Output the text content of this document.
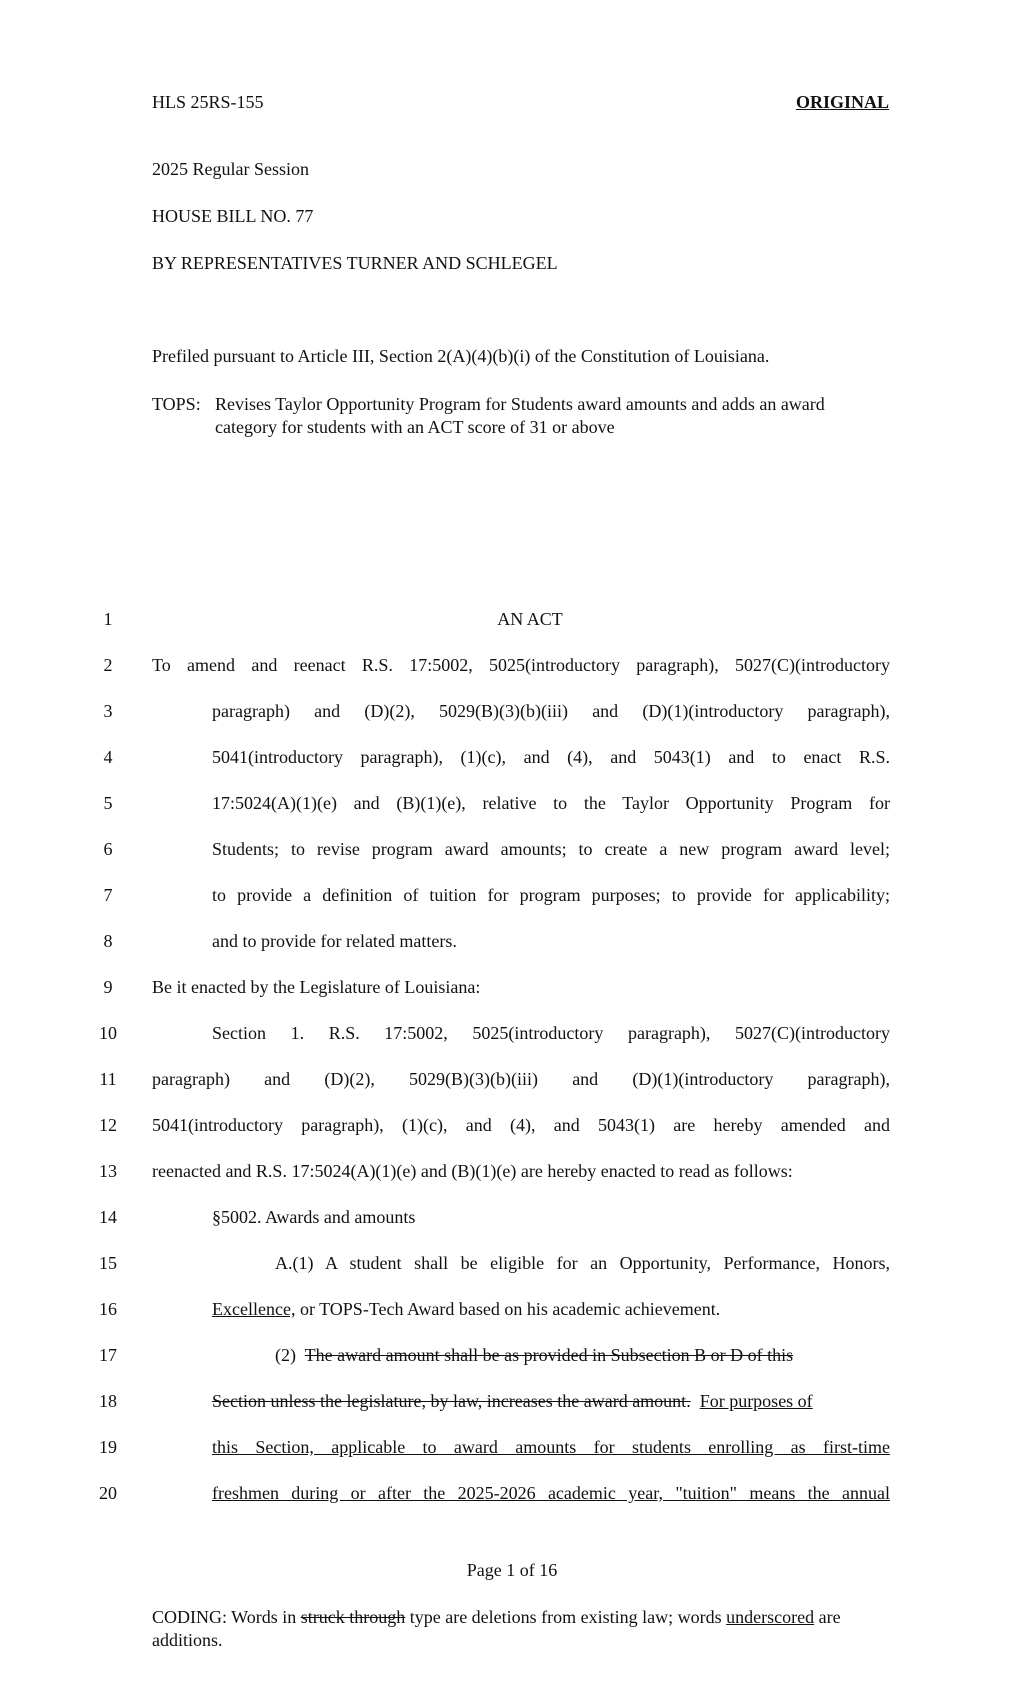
HLS 25RS-155	ORIGINAL
2025 Regular Session
HOUSE BILL NO. 77
BY REPRESENTATIVES TURNER AND SCHLEGEL
Prefiled pursuant to Article III, Section 2(A)(4)(b)(i) of the Constitution of Louisiana.
TOPS: Revises Taylor Opportunity Program for Students award amounts and adds an award
category for students with an ACT score of 31 or above
1	AN ACT
2	To amend and reenact R.S. 17:5002, 5025(introductory paragraph), 5027(C)(introductory
3	paragraph) and (D)(2), 5029(B)(3)(b)(iii) and (D)(1)(introductory paragraph),
4	5041(introductory paragraph), (1)(c), and (4), and 5043(1) and to enact R.S.
5	17:5024(A)(1)(e) and (B)(1)(e), relative to the Taylor Opportunity Program for
6	Students; to revise program award amounts; to create a new program award level;
7	to provide a definition of tuition for program purposes; to provide for applicability;
8	and to provide for related matters.
9	Be it enacted by the Legislature of Louisiana:
10	Section 1. R.S. 17:5002, 5025(introductory paragraph), 5027(C)(introductory
11	paragraph) and (D)(2), 5029(B)(3)(b)(iii) and (D)(1)(introductory paragraph),
12	5041(introductory paragraph), (1)(c), and (4), and 5043(1) are hereby amended and
13	reenacted and R.S. 17:5024(A)(1)(e) and (B)(1)(e) are hereby enacted to read as follows:
14	§5002. Awards and amounts
15	A.(1) A student shall be eligible for an Opportunity, Performance, Honors,
16	Excellence, or TOPS-Tech Award based on his academic achievement.
17	(2)  The award amount shall be as provided in Subsection B or D of this
18	Section unless the legislature, by law, increases the award amount. For purposes of
19	this Section, applicable to award amounts for students enrolling as first-time
20	freshmen during or after the 2025-2026 academic year, "tuition" means the annual
Page 1 of 16
CODING: Words in struck through type are deletions from existing law; words underscored are additions.
